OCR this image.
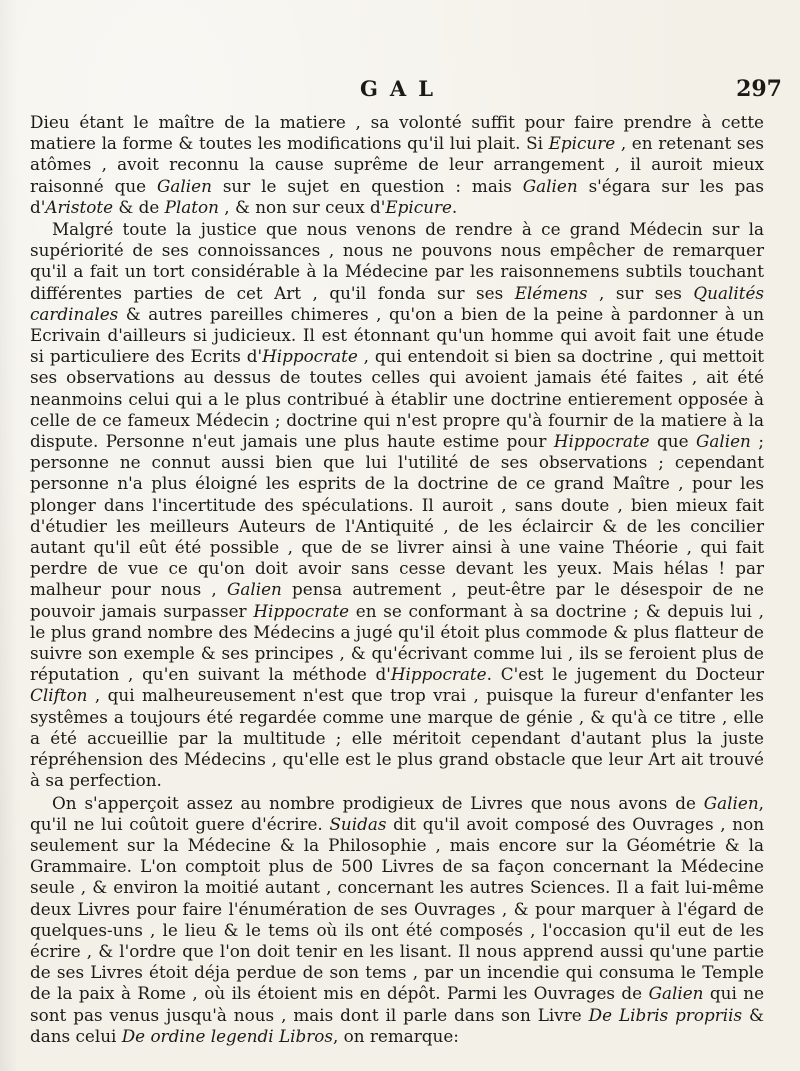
GAL	297

Dieu étant le maître de la matiere , sa volonté suffit pour faire prendre à cette matiere la forme & toutes les modifications qu'il lui plait. Si Epicure , en retenant ses atômes , avoit reconnu la cause suprême de leur arrangement , il auroit mieux raisonné que Galien sur le sujet en question : mais Galien s'égara sur les pas d'Aristote & de Platon , & non sur ceux d'Epicure.

Malgré toute la justice que nous venons de rendre à ce grand Médecin sur la supériorité de ses connoissances , nous ne pouvons nous empêcher de remarquer qu'il a fait un tort considérable à la Médecine par les raisonnemens subtils touchant différentes parties de cet Art , qu'il fonda sur ses Elémens , sur ses Qualités cardinales & autres pareilles chimeres , qu'on a bien de la peine à pardonner à un Ecrivain d'ailleurs si judicieux. Il est étonnant qu'un homme qui avoit fait une étude si particuliere des Ecrits d'Hippocrate , qui entendoit si bien sa doctrine , qui mettoit ses observations au dessus de toutes celles qui avoient jamais été faites , ait été neanmoins celui qui a le plus contribué à établir une doctrine entierement opposée à celle de ce fameux Médecin ; doctrine qui n'est propre qu'à fournir de la matiere à la dispute. Personne n'eut jamais une plus haute estime pour Hippocrate que Galien ; personne ne connut aussi bien que lui l'utilité de ses observations ; cependant personne n'a plus éloigné les esprits de la doctrine de ce grand Maître , pour les plonger dans l'incertitude des spéculations. Il auroit , sans doute , bien mieux fait d'étudier les meilleurs Auteurs de l'Antiquité , de les éclaircir & de les concilier autant qu'il eût été possible , que de se livrer ainsi à une vaine Théorie , qui fait perdre de vue ce qu'on doit avoir sans cesse devant les yeux. Mais hélas ! par malheur pour nous , Galien pensa autrement , peut-être par le désespoir de ne pouvoir jamais surpasser Hippocrate en se conformant à sa doctrine ; & depuis lui , le plus grand nombre des Médecins a jugé qu'il étoit plus commode & plus flatteur de suivre son exemple & ses principes , & qu'écrivant comme lui , ils se feroient plus de réputation , qu'en suivant la méthode d'Hippocrate. C'est le jugement du Docteur Clifton , qui malheureusement n'est que trop vrai , puisque la fureur d'enfanter les systêmes a toujours été regardée comme une marque de génie , & qu'à ce titre , elle a été accueillie par la multitude ; elle méritoit cependant d'autant plus la juste répréhension des Médecins , qu'elle est le plus grand obstacle que leur Art ait trouvé à sa perfection.

On s'apperçoit assez au nombre prodigieux de Livres que nous avons de Galien, qu'il ne lui coûtoit guere d'écrire. Suidas dit qu'il avoit composé des Ouvrages , non seulement sur la Médecine & la Philosophie , mais encore sur la Géométrie & la Grammaire. L'on comptoit plus de 500 Livres de sa façon concernant la Médecine seule , & environ la moitié autant , concernant les autres Sciences. Il a fait lui-même deux Livres pour faire l'énumération de ses Ouvrages , & pour marquer à l'égard de quelques-uns , le lieu & le tems où ils ont été composés , l'occasion qu'il eut de les écrire , & l'ordre que l'on doit tenir en les lisant. Il nous apprend aussi qu'une partie de ses Livres étoit déja perdue de son tems , par un incendie qui consuma le Temple de la paix à Rome , où ils étoient mis en dépôt. Parmi les Ouvrages de Galien qui ne sont pas venus jusqu'à nous , mais dont il parle dans son Livre De Libris propriis & dans celui De ordine legendi Libros, on remarque:
